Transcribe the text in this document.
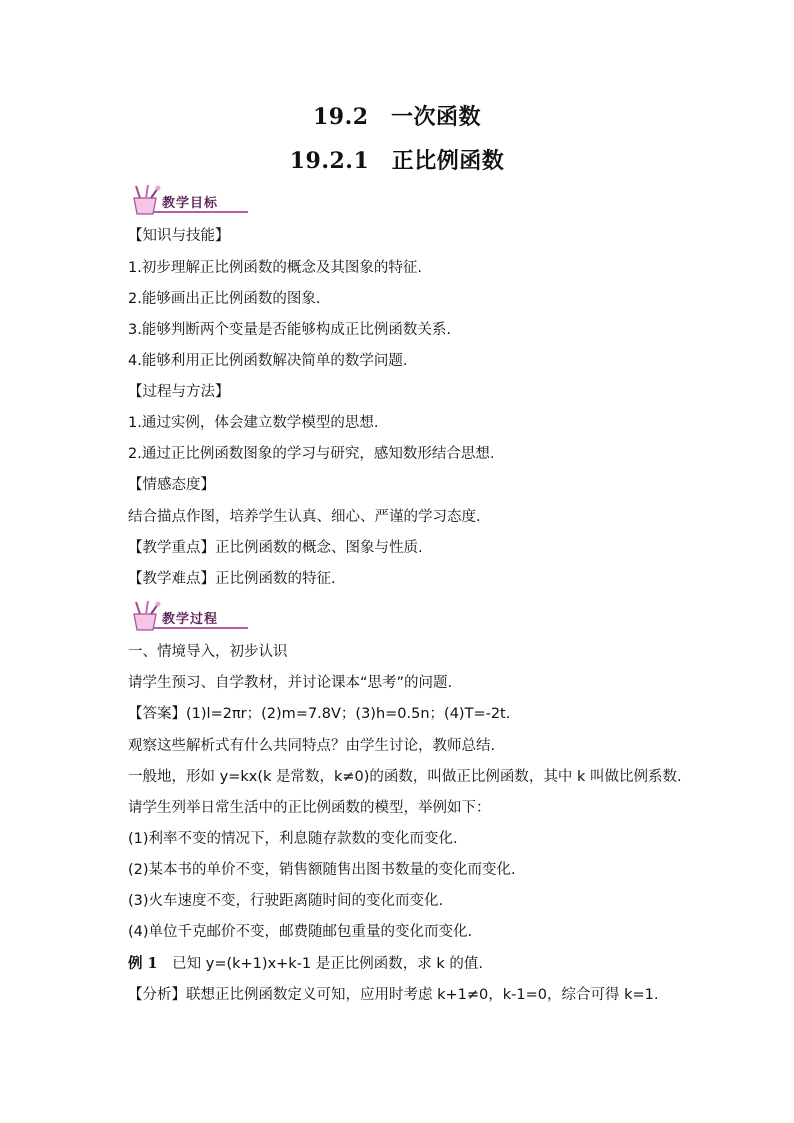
19.2　一次函数
19.2.1　正比例函数
教学目标
【知识与技能】
1.初步理解正比例函数的概念及其图象的特征.
2.能够画出正比例函数的图象.
3.能够判断两个变量是否能够构成正比例函数关系.
4.能够利用正比例函数解决简单的数学问题.
【过程与方法】
1.通过实例，体会建立数学模型的思想.
2.通过正比例函数图象的学习与研究，感知数形结合思想.
【情感态度】
结合描点作图，培养学生认真、细心、严谨的学习态度.
【教学重点】正比例函数的概念、图象与性质.
【教学难点】正比例函数的特征.
教学过程
一、情境导入，初步认识
请学生预习、自学教材，并讨论课本“思考”的问题.
【答案】(1)l=2πr；(2)m=7.8V；(3)h=0.5n；(4)T=-2t.
观察这些解析式有什么共同特点？由学生讨论，教师总结.
一般地，形如 y=kx(k 是常数，k≠0)的函数，叫做正比例函数，其中 k 叫做比例系数.
请学生列举日常生活中的正比例函数的模型，举例如下：
(1)利率不变的情况下，利息随存款数的变化而变化.
(2)某本书的单价不变，销售额随售出图书数量的变化而变化.
(3)火车速度不变，行驶距离随时间的变化而变化.
(4)单位千克邮价不变，邮费随邮包重量的变化而变化.
例 1　已知 y=(k+1)x+k-1 是正比例函数，求 k 的值.
【分析】联想正比例函数定义可知，应用时考虑 k+1≠0，k-1=0，综合可得 k=1.
